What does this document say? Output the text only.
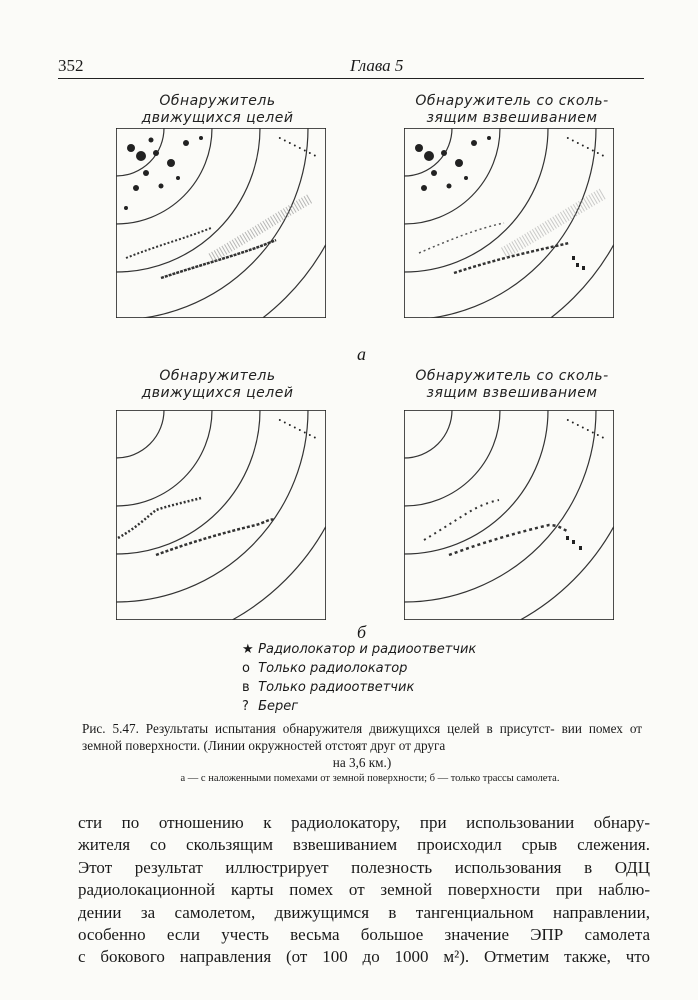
352	Глава 5
Обнаружитель
движущихся целей
Обнаружитель со сколь-
зящим взвешиванием
Обнаружитель
движущихся целей
Обнаружитель со сколь-
зящим взвешиванием
а
б
★ Радиолокатор и радиоответчик
о Только радиолокатор
в Только радиоответчик
? Берег
Рис. 5.47. Результаты испытания обнаружителя движущихся целей в присутст- вии помех от земной поверхности. (Линии окружностей отстоят друг от друга
на 3,6 км.)
а — с наложенными помехами от земной поверхности; б — только трассы самолета.
сти по отношению к радиолокатору, при использовании обнару-
жителя со скользящим взвешиванием происходил срыв слежения.
Этот результат иллюстрирует полезность использования в ОДЦ
радиолокационной карты помех от земной поверхности при наблю-
дении за самолетом, движущимся в тангенциальном направлении,
особенно если учесть весьма большое значение ЭПР самолета
с бокового направления (от 100 до 1000 м²). Отметим также, что
